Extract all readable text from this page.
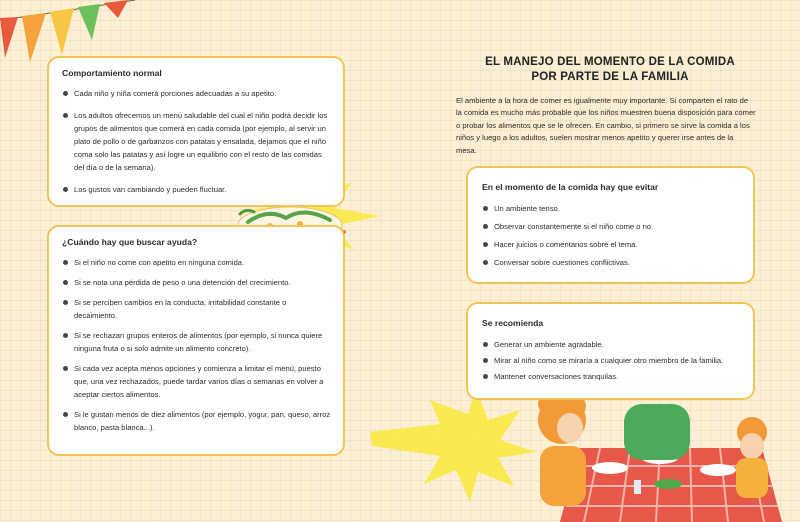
Comportamiento normal
Cada niño y niña comerá porciones adecuadas a su apetito.
Los adultos ofrecemos un menú saludable del cual el niño podrá decidir los grupos de alimentos que comerá en cada comida (por ejemplo, al servir un plato de pollo o de garbanzos con patatas y ensalada, dejamos que el niño coma solo las patatas y así logre un equilibrio con el resto de las comidas del día o de la semana).
Los gustos van cambiando y pueden fluctuar.
¿Cuándo hay que buscar ayuda?
Si el niño no come con apetito en ninguna comida.
Si se nota una pérdida de peso o una detención del crecimiento.
Si se perciben cambios en la conducta, irritabilidad constante o decaimiento.
Si se rechazan grupos enteros de alimentos (por ejemplo, si nunca quiere ninguna fruta o si solo admite un alimento concreto).
Si cada vez acepta menos opciones y comienza a limitar el menú, puesto que, una vez rechazados, puede tardar varios días o semanas en volver a aceptar ciertos alimentos.
Si le gustan menos de diez alimentos (por ejemplo, yogur, pan, queso, arroz blanco, pasta blanca...).
EL MANEJO DEL MOMENTO DE LA COMIDA
POR PARTE DE LA FAMILIA
El ambiente a la hora de comer es igualmente muy importante. Si comparten el rato de la comida es mucho más probable que los niños muestren buena disposición para comer o probar los alimentos que se le ofrecen. En cambio, si primero se sirve la comida a los niños y luego a los adultos, suelen mostrar menos apetito y querer irse antes de la mesa.
En el momento de la comida hay que evitar
Un ambiente tenso.
Observar constantemente si el niño come o no.
Hacer juicios o comentarios sobre el tema.
Conversar sobre cuestiones conflictivas.
Se recomienda
Generar un ambiente agradable.
Mirar al niño como se miraría a cualquier otro miembro de la familia.
Mantener conversaciones tranquilas.
